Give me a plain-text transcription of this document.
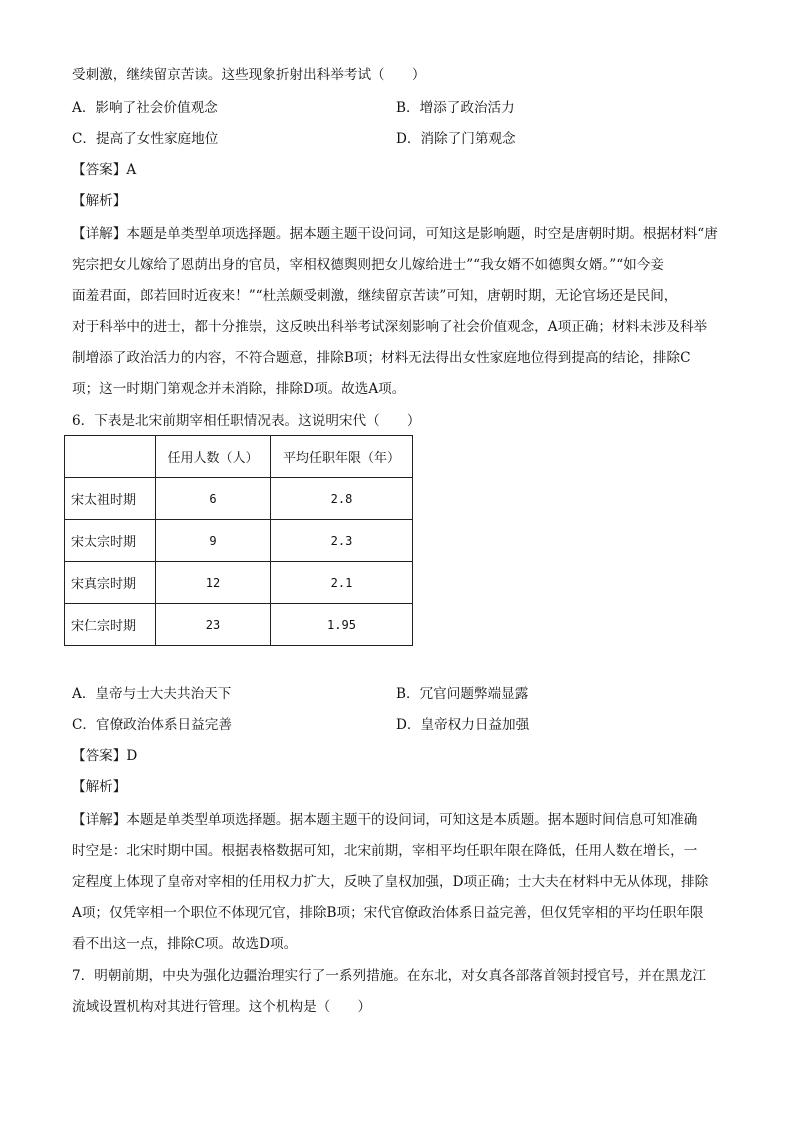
受刺激，继续留京苦读。这些现象折射出科举考试（　　）
A．影响了社会价值观念	B．增添了政治活力
C．提高了女性家庭地位	D．消除了门第观念
【答案】A
【解析】
【详解】本题是单类型单项选择题。据本题主题干设问词，可知这是影响题，时空是唐朝时期。根据材料“唐
宪宗把女儿嫁给了恩荫出身的官员，宰相权德舆则把女儿嫁给进士”“我女婿不如德舆女婿。”“如今妾
面羞君面，郎若回时近夜来！”“杜羔颇受刺激，继续留京苦读”可知，唐朝时期，无论官场还是民间，
对于科举中的进士，都十分推崇，这反映出科举考试深刻影响了社会价值观念，A项正确；材料未涉及科举
制增添了政治活力的内容，不符合题意，排除B项；材料无法得出女性家庭地位得到提高的结论，排除C
项；这一时期门第观念并未消除，排除D项。故选A项。
6．下表是北宋前期宰相任职情况表。这说明宋代（　　）
	任用人数（人）	平均任职年限（年）
宋太祖时期	6	2.8
宋太宗时期	9	2.3
宋真宗时期	12	2.1
宋仁宗时期	23	1.95
A．皇帝与士大夫共治天下	B．冗官问题弊端显露
C．官僚政治体系日益完善	D．皇帝权力日益加强
【答案】D
【解析】
【详解】本题是单类型单项选择题。据本题主题干的设问词，可知这是本质题。据本题时间信息可知准确
时空是：北宋时期中国。根据表格数据可知，北宋前期，宰相平均任职年限在降低，任用人数在增长，一
定程度上体现了皇帝对宰相的任用权力扩大，反映了皇权加强，D项正确；士大夫在材料中无从体现，排除
A项；仅凭宰相一个职位不体现冗官，排除B项；宋代官僚政治体系日益完善，但仅凭宰相的平均任职年限
看不出这一点，排除C项。故选D项。
7．明朝前期，中央为强化边疆治理实行了一系列措施。在东北，对女真各部落首领封授官号，并在黑龙江
流域设置机构对其进行管理。这个机构是（　　）
